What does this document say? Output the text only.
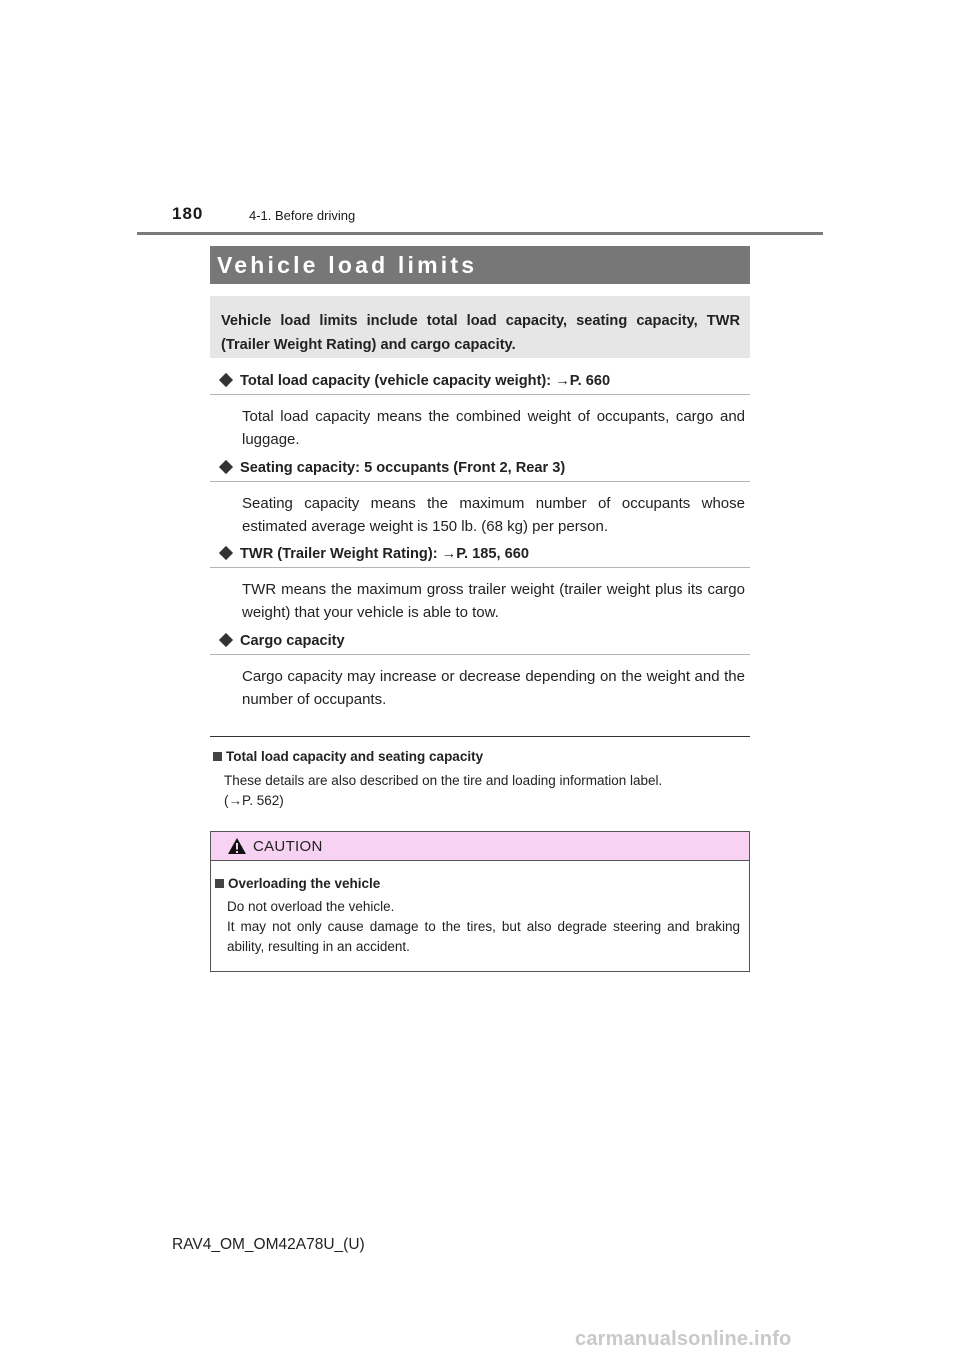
180	4-1. Before driving
Vehicle load limits
Vehicle load limits include total load capacity, seating capacity, TWR (Trailer Weight Rating) and cargo capacity.
Total load capacity (vehicle capacity weight): →P. 660
Total load capacity means the combined weight of occupants, cargo and luggage.
Seating capacity: 5 occupants (Front 2, Rear 3)
Seating capacity means the maximum number of occupants whose estimated average weight is 150 lb. (68 kg) per person.
TWR (Trailer Weight Rating): →P. 185, 660
TWR means the maximum gross trailer weight (trailer weight plus its cargo weight) that your vehicle is able to tow.
Cargo capacity
Cargo capacity may increase or decrease depending on the weight and the number of occupants.
Total load capacity and seating capacity
These details are also described on the tire and loading information label.
(→P. 562)
CAUTION
Overloading the vehicle
Do not overload the vehicle.
It may not only cause damage to the tires, but also degrade steering and braking ability, resulting in an accident.
RAV4_OM_OM42A78U_(U)
carmanualsonline.info
